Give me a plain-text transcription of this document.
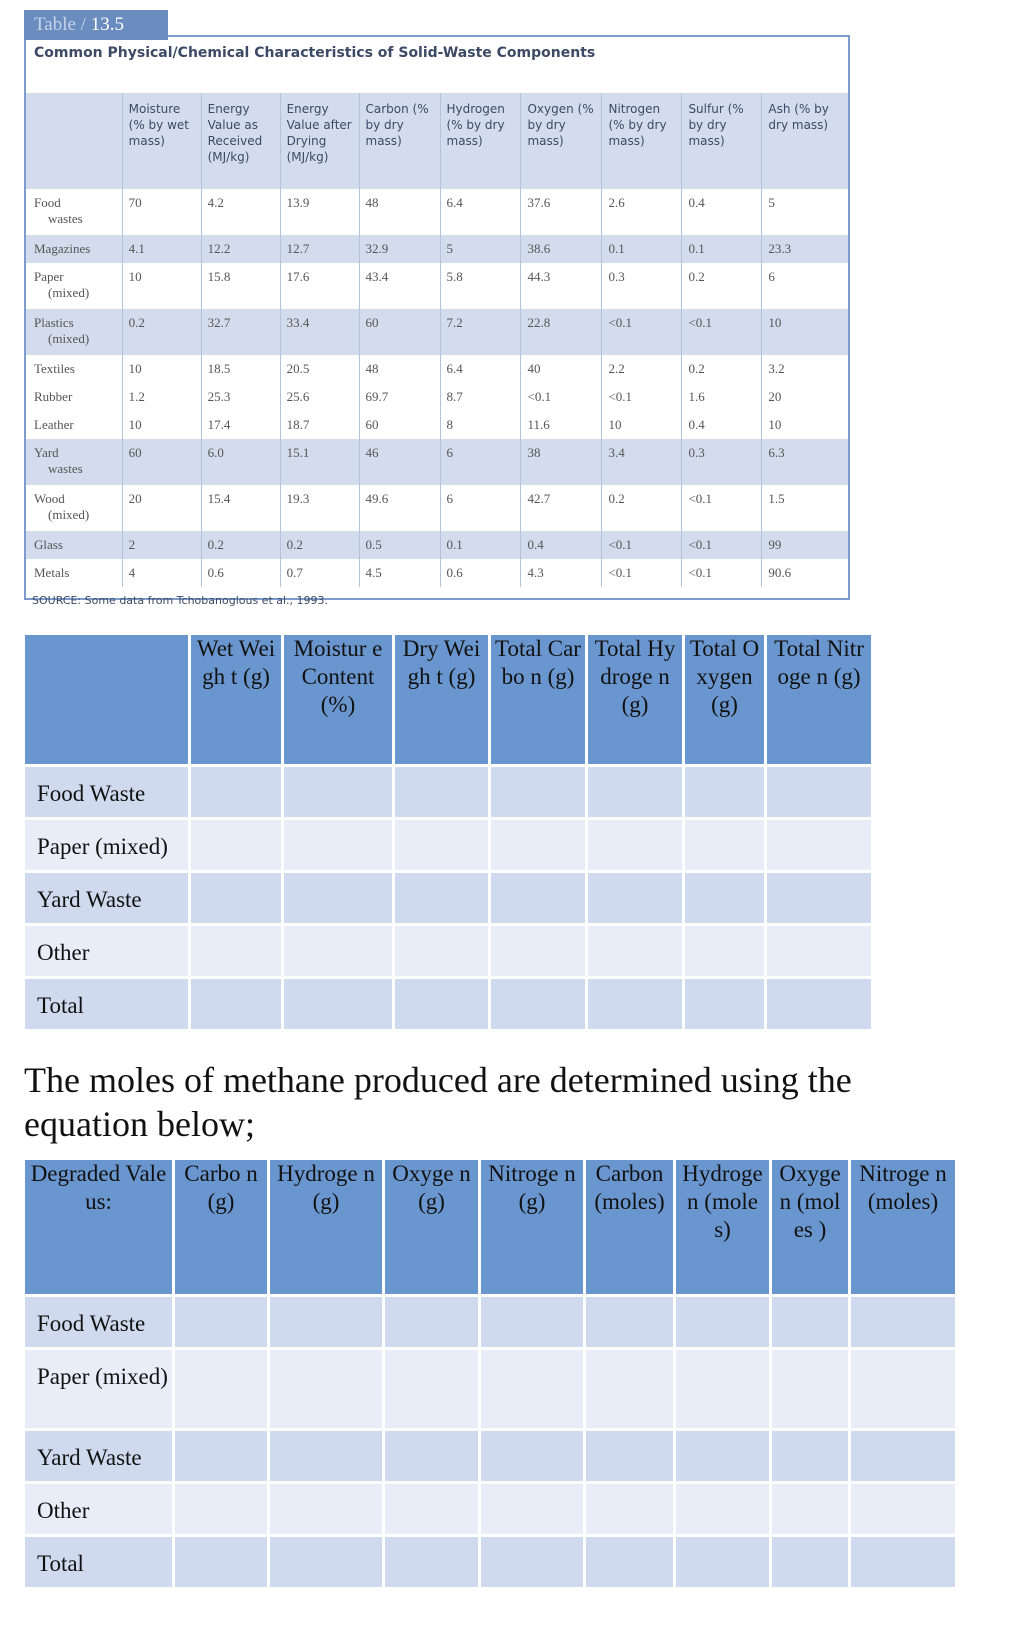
Common Physical/Chemical Characteristics of Solid-Waste Components
	Moisture (% by wet mass)	Energy Value as Received (MJ/kg)	Energy Value after Drying (MJ/kg)	Carbon (% by dry mass)	Hydrogen (% by dry mass)	Oxygen (% by dry mass)	Nitrogen (% by dry mass)	Sulfur (% by dry mass)	Ash (% by dry mass)
Food
wastes	70	4.2	13.9	48	6.4	37.6	2.6	0.4	5
Magazines	4.1	12.2	12.7	32.9	5	38.6	0.1	0.1	23.3
Paper
(mixed)	10	15.8	17.6	43.4	5.8	44.3	0.3	0.2	6
Plastics
(mixed)	0.2	32.7	33.4	60	7.2	22.8	<0.1	<0.1	10
Textiles	10	18.5	20.5	48	6.4	40	2.2	0.2	3.2
Rubber	1.2	25.3	25.6	69.7	8.7	<0.1	<0.1	1.6	20
Leather	10	17.4	18.7	60	8	11.6	10	0.4	10
Yard
wastes	60	6.0	15.1	46	6	38	3.4	0.3	6.3
Wood
(mixed)	20	15.4	19.3	49.6	6	42.7	0.2	<0.1	1.5
Glass	2	0.2	0.2	0.5	0.1	0.4	<0.1	<0.1	99
Metals	4	0.6	0.7	4.5	0.6	4.3	<0.1	<0.1	90.6
Table / 13.5
SOURCE: Some data from Tchobanoglous et al., 1993.
	Wet Weigh t (g)	Moistur e Content (%)	Dry Weigh t (g)	Total Carbo n (g)	Total Hydroge n (g)	Total Oxygen (g)	Total Nitroge n (g)
Food Waste							
Paper (mixed)							
Yard Waste							
Other							
Total							
The moles of methane produced are determined using the equation below;
Degraded Valeus:	Carbo n (g)	Hydroge n (g)	Oxyge n (g)	Nitroge n (g)	Carbon (moles)	Hydroge n (moles)	Oxyge n (moles )	Nitroge n (moles)
Food Waste								
Paper (mixed)								
Yard Waste								
Other								
Total								
